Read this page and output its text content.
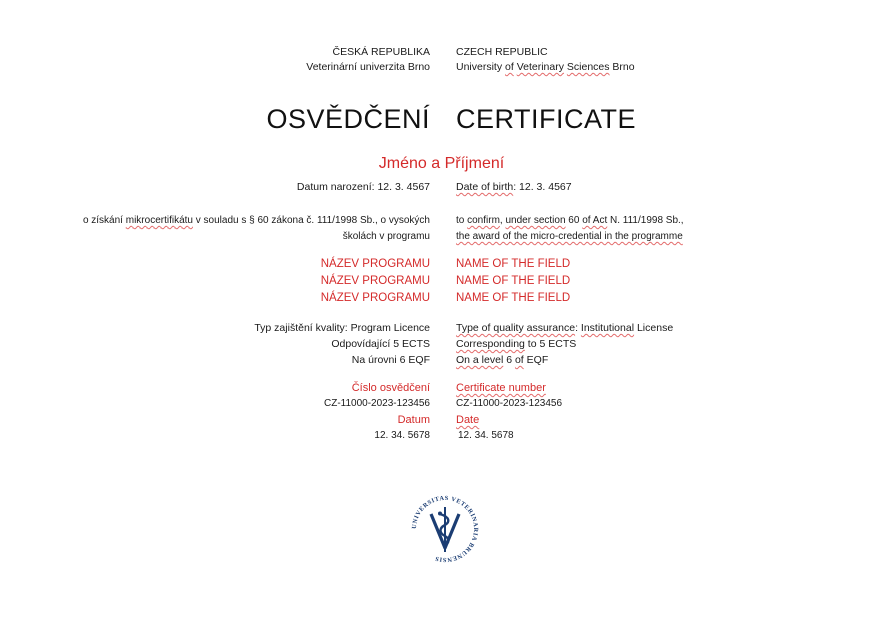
ČESKÁ REPUBLIKA
Veterinární univerzita Brno
CZECH REPUBLIC
University of Veterinary Sciences Brno
OSVĚDČENÍ CERTIFICATE
Jméno a Příjmení
Datum narození: 12. 3. 4567 Date of birth: 12. 3. 4567
o získání mikrocertifikátu v souladu s § 60 zákona č. 111/1998 Sb., o vysokých
školách v programu
to confirm, under section 60 of Act N. 111/1998 Sb.,
the award of the micro-credential in the programme
NÁZEV PROGRAMU
NÁZEV PROGRAMU
NÁZEV PROGRAMU
NAME OF THE FIELD
NAME OF THE FIELD
NAME OF THE FIELD
Typ zajištění kvality: Program Licence
Odpovídající 5 ECTS
Na úrovni 6 EQF
Type of quality assurance: Institutional License
Corresponding to 5 ECTS
On a level 6 of EQF
Číslo osvědčení
CZ-11000-2023-123456
Datum
12. 34. 5678
Certificate number
CZ-11000-2023-123456
Date
12. 34. 5678
UNIVERSITAS VETERINARIA BRUNENSIS
